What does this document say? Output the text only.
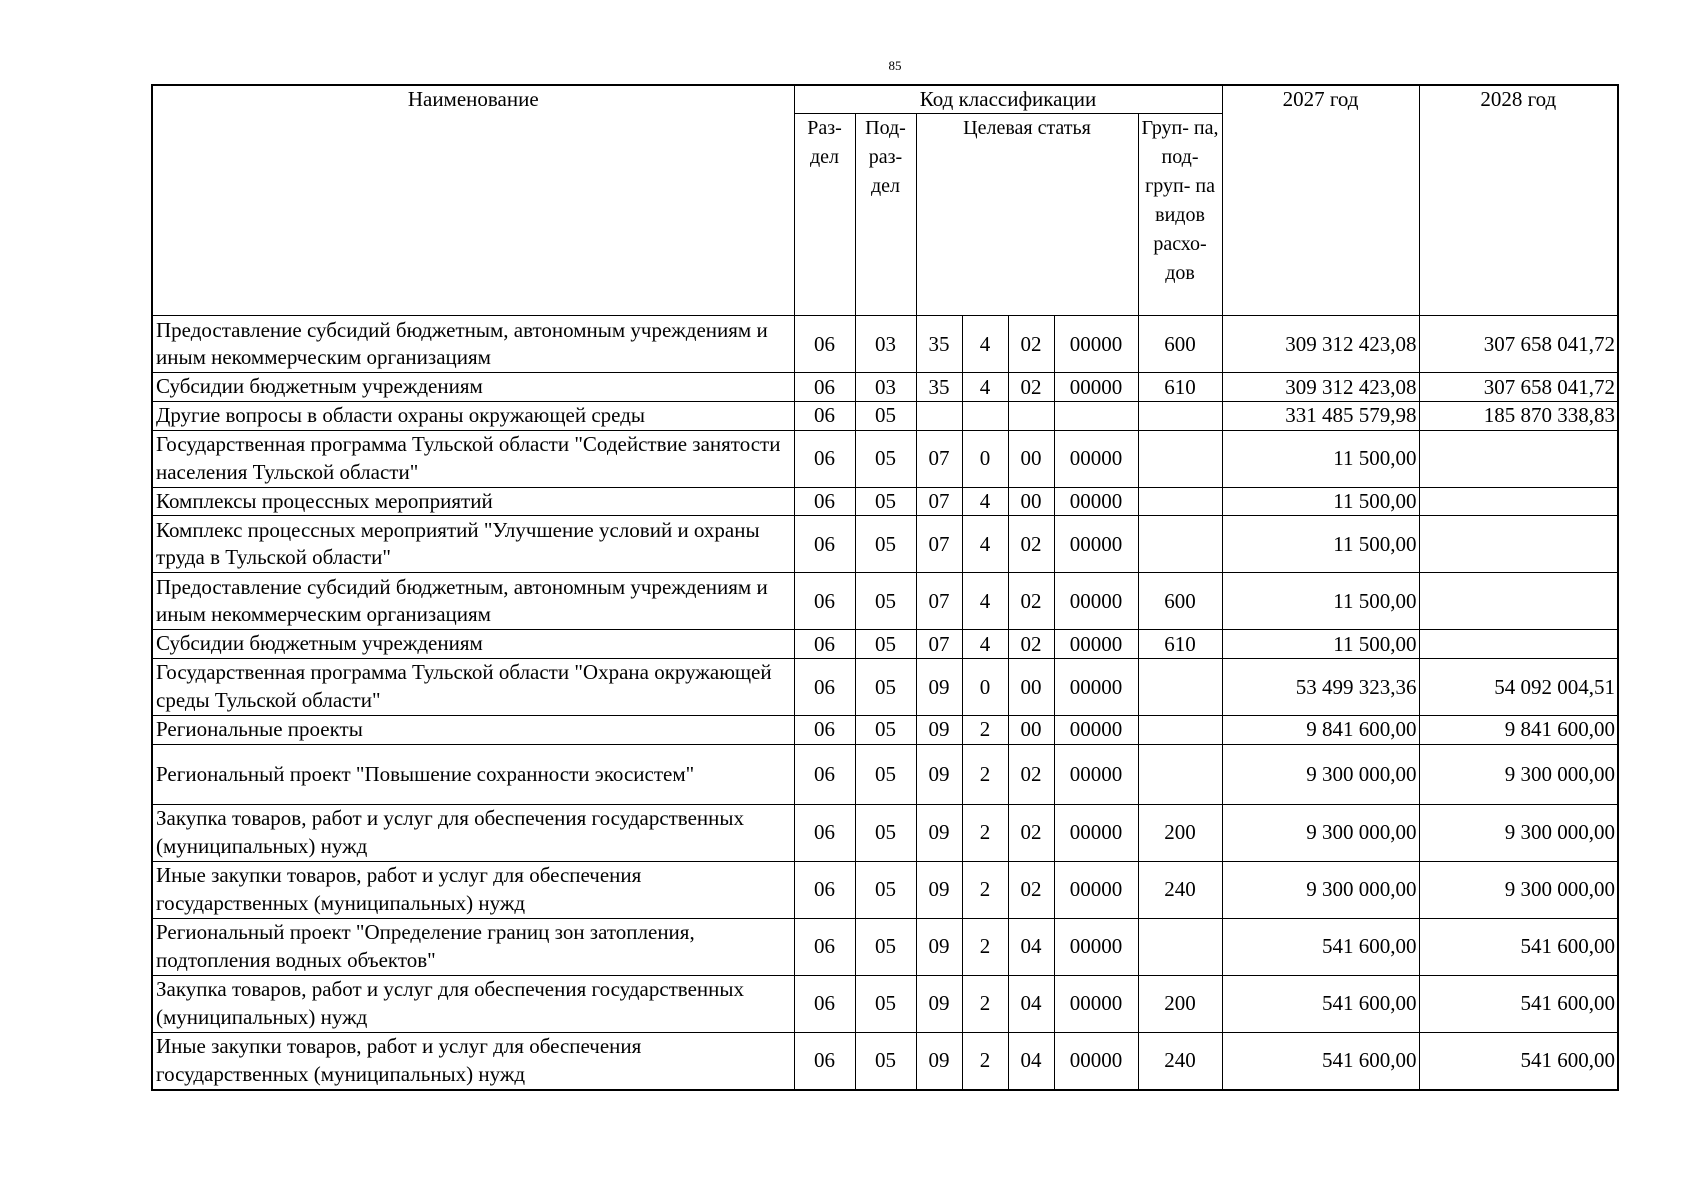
85
Наименование	Код классификации							2027 год	2028 год
	Раз- дел	Под- раз- дел	Целевая статья				Груп- па, под- груп- па видов расхо- дов		
Предоставление субсидий бюджетным, автономным учреждениям и иным некоммерческим организациям	06	03	35	4	02	00000	600	309 312 423,08	307 658 041,72
Субсидии бюджетным учреждениям	06	03	35	4	02	00000	610	309 312 423,08	307 658 041,72
Другие вопросы в области охраны окружающей среды	06	05						331 485 579,98	185 870 338,83
Государственная программа Тульской области "Содействие занятости населения Тульской области"	06	05	07	0	00	00000		11 500,00	
Комплексы процессных мероприятий	06	05	07	4	00	00000		11 500,00	
Комплекс процессных мероприятий "Улучшение условий и охраны труда в Тульской области"	06	05	07	4	02	00000		11 500,00	
Предоставление субсидий бюджетным, автономным учреждениям и иным некоммерческим организациям	06	05	07	4	02	00000	600	11 500,00	
Субсидии бюджетным учреждениям	06	05	07	4	02	00000	610	11 500,00	
Государственная программа Тульской области "Охрана окружающей среды Тульской области"	06	05	09	0	00	00000		53 499 323,36	54 092 004,51
Региональные проекты	06	05	09	2	00	00000		9 841 600,00	9 841 600,00
Региональный проект "Повышение сохранности экосистем"	06	05	09	2	02	00000		9 300 000,00	9 300 000,00
Закупка товаров, работ и услуг для обеспечения государственных (муниципальных) нужд	06	05	09	2	02	00000	200	9 300 000,00	9 300 000,00
Иные закупки товаров, работ и услуг для обеспечения государственных (муниципальных) нужд	06	05	09	2	02	00000	240	9 300 000,00	9 300 000,00
Региональный проект "Определение границ зон затопления, подтопления водных объектов"	06	05	09	2	04	00000		541 600,00	541 600,00
Закупка товаров, работ и услуг для обеспечения государственных (муниципальных) нужд	06	05	09	2	04	00000	200	541 600,00	541 600,00
Иные закупки товаров, работ и услуг для обеспечения государственных (муниципальных) нужд	06	05	09	2	04	00000	240	541 600,00	541 600,00
